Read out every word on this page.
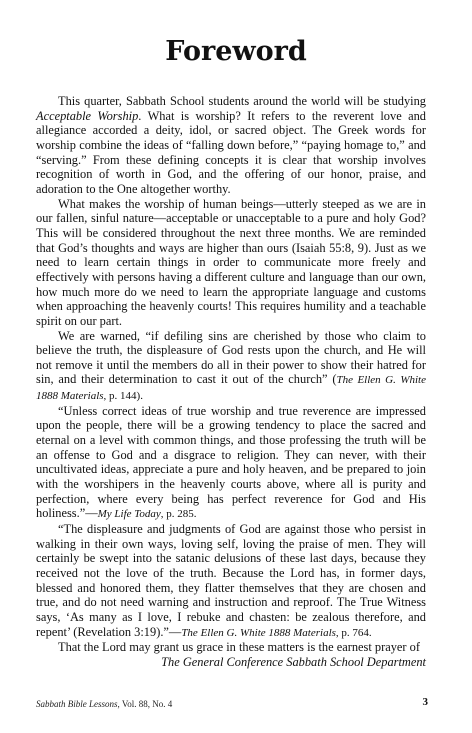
Foreword

This quarter, Sabbath School students around the world will be studying Acceptable Worship. What is worship? It refers to the reverent love and allegiance accorded a deity, idol, or sacred object. The Greek words for worship combine the ideas of “falling down before,” “paying homage to,” and “serving.” From these defining concepts it is clear that worship involves recognition of worth in God, and the offering of our honor, praise, and adoration to the One altogether worthy.

What makes the worship of human beings—utterly steeped as we are in our fallen, sinful nature—acceptable or unacceptable to a pure and holy God? This will be considered throughout the next three months. We are reminded that God’s thoughts and ways are higher than ours (Isaiah 55:8, 9). Just as we need to learn certain things in order to communicate more freely and effectively with persons having a different culture and language than our own, how much more do we need to learn the appropriate language and customs when approaching the heavenly courts! This requires humility and a teachable spirit on our part.

We are warned, “if defiling sins are cherished by those who claim to believe the truth, the displeasure of God rests upon the church, and He will not remove it until the members do all in their power to show their hatred for sin, and their determination to cast it out of the church” (The Ellen G. White 1888 Materials, p. 144).

“Unless correct ideas of true worship and true reverence are impressed upon the people, there will be a growing tendency to place the sacred and eternal on a level with common things, and those professing the truth will be an offense to God and a disgrace to religion. They can never, with their uncultivated ideas, appreciate a pure and holy heaven, and be prepared to join with the worshipers in the heavenly courts above, where all is purity and perfection, where every being has perfect reverence for God and His holiness.”—My Life Today, p. 285.

“The displeasure and judgments of God are against those who persist in walking in their own ways, loving self, loving the praise of men. They will certainly be swept into the satanic delusions of these last days, because they received not the love of the truth. Because the Lord has, in former days, blessed and honored them, they flatter themselves that they are chosen and true, and do not need warning and instruction and reproof. The True Witness says, ‘As many as I love, I rebuke and chasten: be zealous therefore, and repent’ (Revelation 3:19).”—The Ellen G. White 1888 Materials, p. 764.

That the Lord may grant us grace in these matters is the earnest prayer of

The General Conference Sabbath School Department

Sabbath Bible Lessons, Vol. 88, No. 4	3
